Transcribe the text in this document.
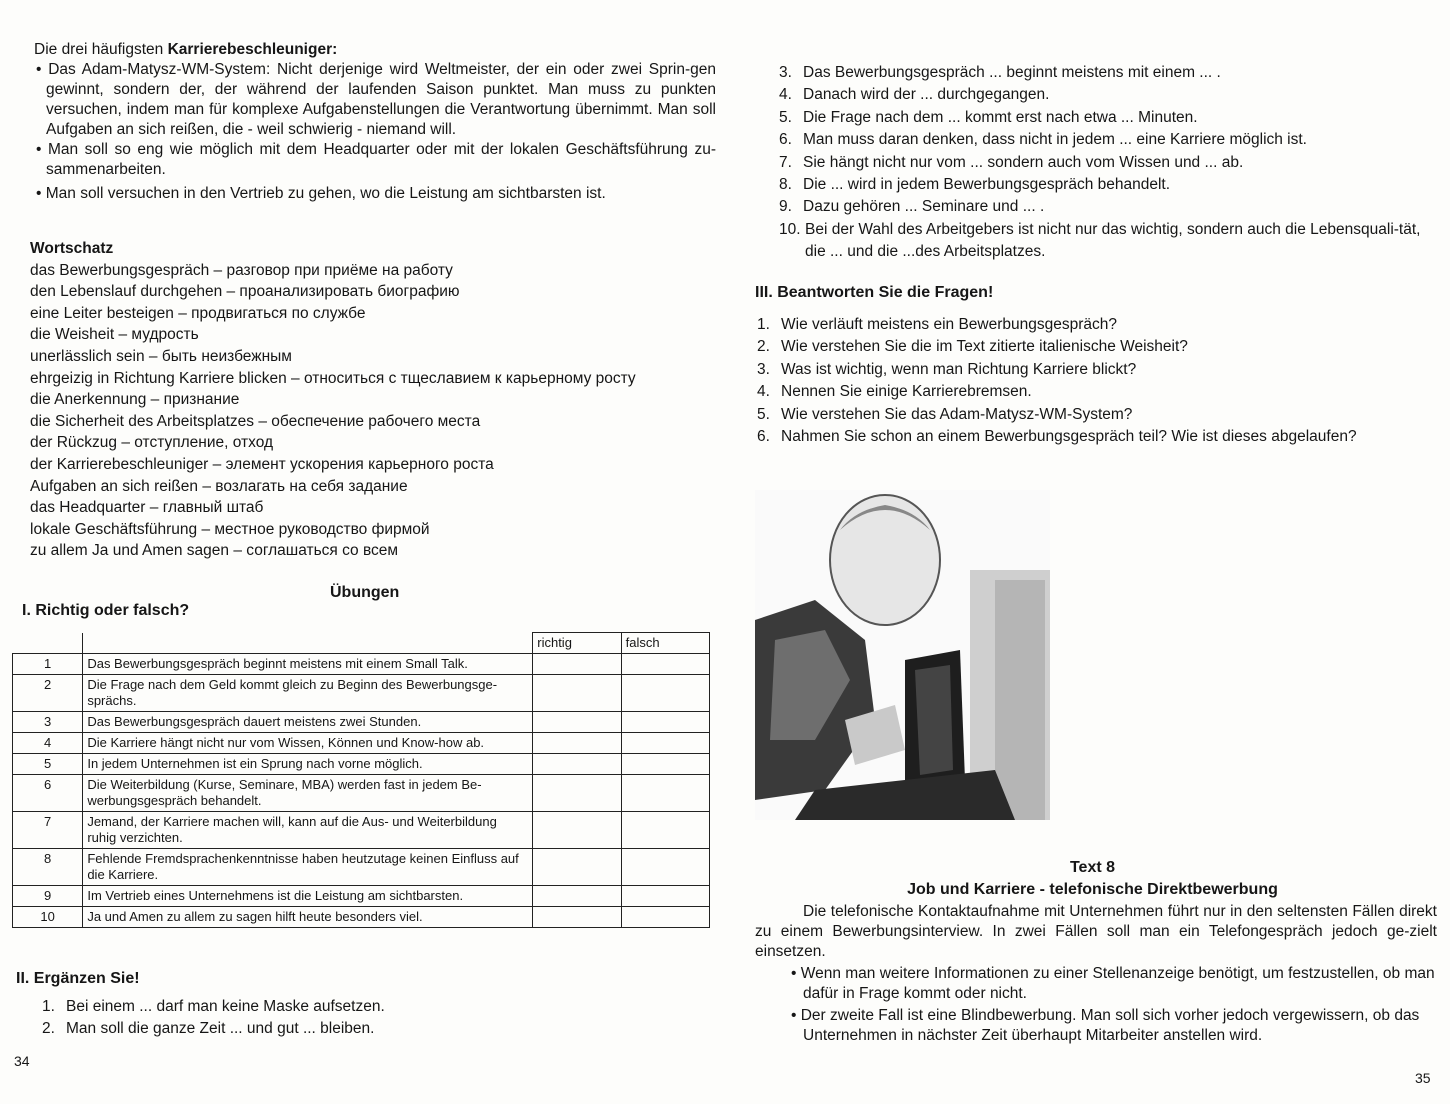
Die drei häufigsten Karrierebeschleuniger:

• Das Adam-Matysz-WM-System: Nicht derjenige wird Weltmeister, der ein oder zwei Sprin-gen gewinnt, sondern der, der während der laufenden Saison punktet. Man muss zu punkten versuchen, indem man für komplexe Aufgabenstellungen die Verantwortung übernimmt. Man soll Aufgaben an sich reißen, die - weil schwierig - niemand will.

• Man soll so eng wie möglich mit dem Headquarter oder mit der lokalen Geschäftsführung zu-sammenarbeiten.

• Man soll versuchen in den Vertrieb zu gehen, wo die Leistung am sichtbarsten ist.

Wortschatz
das Bewerbungsgespräch – разговор при приёме на работу
den Lebenslauf durchgehen – проанализировать биографию
eine Leiter besteigen – продвигаться по службе
die Weisheit – мудрость
unerlässlich sein – быть неизбежным
ehrgeizig in Richtung Karriere blicken – относиться с тщеславием к карьерному росту
die Anerkennung – признание
die Sicherheit des Arbeitsplatzes – обеспечение рабочего места
der Rückzug – отступление, отход
der Karrierebeschleuniger – элемент ускорения карьерного роста
Aufgaben an sich reißen – возлагать на себя задание
das Headquarter – главный штаб
lokale Geschäftsführung – местное руководство фирмой
zu allem Ja und Amen sagen – соглашаться со всем
Übungen
I. Richtig oder falsch?
		richtig	falsch
1	Das Bewerbungsgespräch beginnt meistens mit einem Small Talk.		
2	Die Frage nach dem Geld kommt gleich zu Beginn des Bewerbungsge-sprächs.		
3	Das Bewerbungsgespräch dauert meistens zwei Stunden.		
4	Die Karriere hängt nicht nur vom Wissen, Können und Know-how ab.		
5	In jedem Unternehmen ist ein Sprung nach vorne möglich.		
6	Die Weiterbildung (Kurse, Seminare, MBA) werden fast in jedem Be-werbungsgespräch behandelt.		
7	Jemand, der Karriere machen will, kann auf die Aus- und Weiterbildung ruhig verzichten.		
8	Fehlende Fremdsprachenkenntnisse haben heutzutage keinen Einfluss auf die Karriere.		
9	Im Vertrieb eines Unternehmens ist die Leistung am sichtbarsten.		
10	Ja und Amen zu allem zu sagen hilft heute besonders viel.		
II. Ergänzen Sie!
1. Bei einem ... darf man keine Maske aufsetzen.
2. Man soll die ganze Zeit ... und gut ... bleiben.
34
3. Das Bewerbungsgespräch ... beginnt meistens mit einem ... .
4. Danach wird der ... durchgegangen.
5. Die Frage nach dem ... kommt erst nach etwa ... Minuten.
6. Man muss daran denken, dass nicht in jedem ... eine Karriere möglich ist.
7. Sie hängt nicht nur vom ... sondern auch vom Wissen und ... ab.
8. Die ... wird in jedem Bewerbungsgespräch behandelt.
9. Dazu gehören ... Seminare und ... .
10. Bei der Wahl des Arbeitgebers ist nicht nur das wichtig, sondern auch die Lebensquali-tät, die ... und die ...des Arbeitsplatzes.
III. Beantworten Sie die Fragen!
1. Wie verläuft meistens ein Bewerbungsgespräch?
2. Wie verstehen Sie die im Text zitierte italienische Weisheit?
3. Was ist wichtig, wenn man Richtung Karriere blickt?
4. Nennen Sie einige Karrierebremsen.
5. Wie verstehen Sie das Adam-Matysz-WM-System?
6. Nahmen Sie schon an einem Bewerbungsgespräch teil? Wie ist dieses abgelaufen?
Text 8
Job und Karriere - telefonische Direktbewerbung

Die telefonische Kontaktaufnahme mit Unternehmen führt nur in den seltensten Fällen direkt zu einem Bewerbungsinterview. In zwei Fällen soll man ein Telefongespräch jedoch ge-zielt einsetzen.

• Wenn man weitere Informationen zu einer Stellenanzeige benötigt, um festzustellen, ob man dafür in Frage kommt oder nicht.

• Der zweite Fall ist eine Blindbewerbung. Man soll sich vorher jedoch vergewissern, ob das Unternehmen in nächster Zeit überhaupt Mitarbeiter anstellen wird.

35
